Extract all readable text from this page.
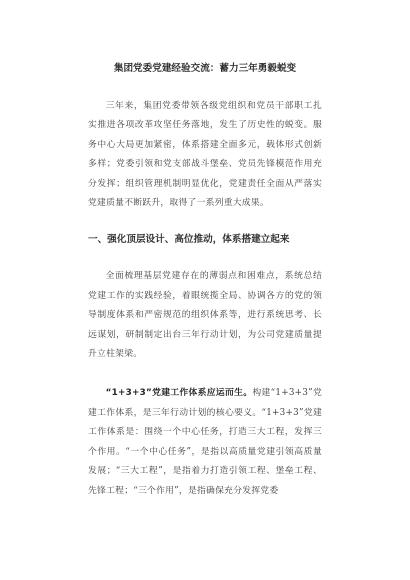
集团党委党建经验交流：蓄力三年勇毅蜕变

三年来，集团党委带领各级党组织和党员干部职工扎实推进各项改革攻坚任务落地，发生了历史性的蜕变。服务中心大局更加紧密，体系搭建全面多元，载体形式创新多样；党委引领和党支部战斗堡垒、党员先锋模范作用充分发挥；组织管理机制明显优化，党建责任全面从严落实党建质量不断跃升，取得了一系列重大成果。

一、强化顶层设计、高位推动，体系搭建立起来

全面梳理基层党建存在的薄弱点和困难点，系统总结党建工作的实践经验，着眼统揽全局、协调各方的党的领导制度体系和严密规范的组织体系等，进行系统思考、长远谋划，研制制定出台三年行动计划，为公司党建质量提升立柱架梁。

“1+3+3”党建工作体系应运而生。构建“1+3+3”党建工作体系，是三年行动计划的核心要义。“1+3+3”党建工作体系是：围绕一个中心任务，打造三大工程，发挥三个作用。“一个中心任务”，是指以高质量党建引领高质量发展；“三大工程”，是指着力打造引领工程、堡垒工程、先锋工程；“三个作用”，是指确保充分发挥党委
